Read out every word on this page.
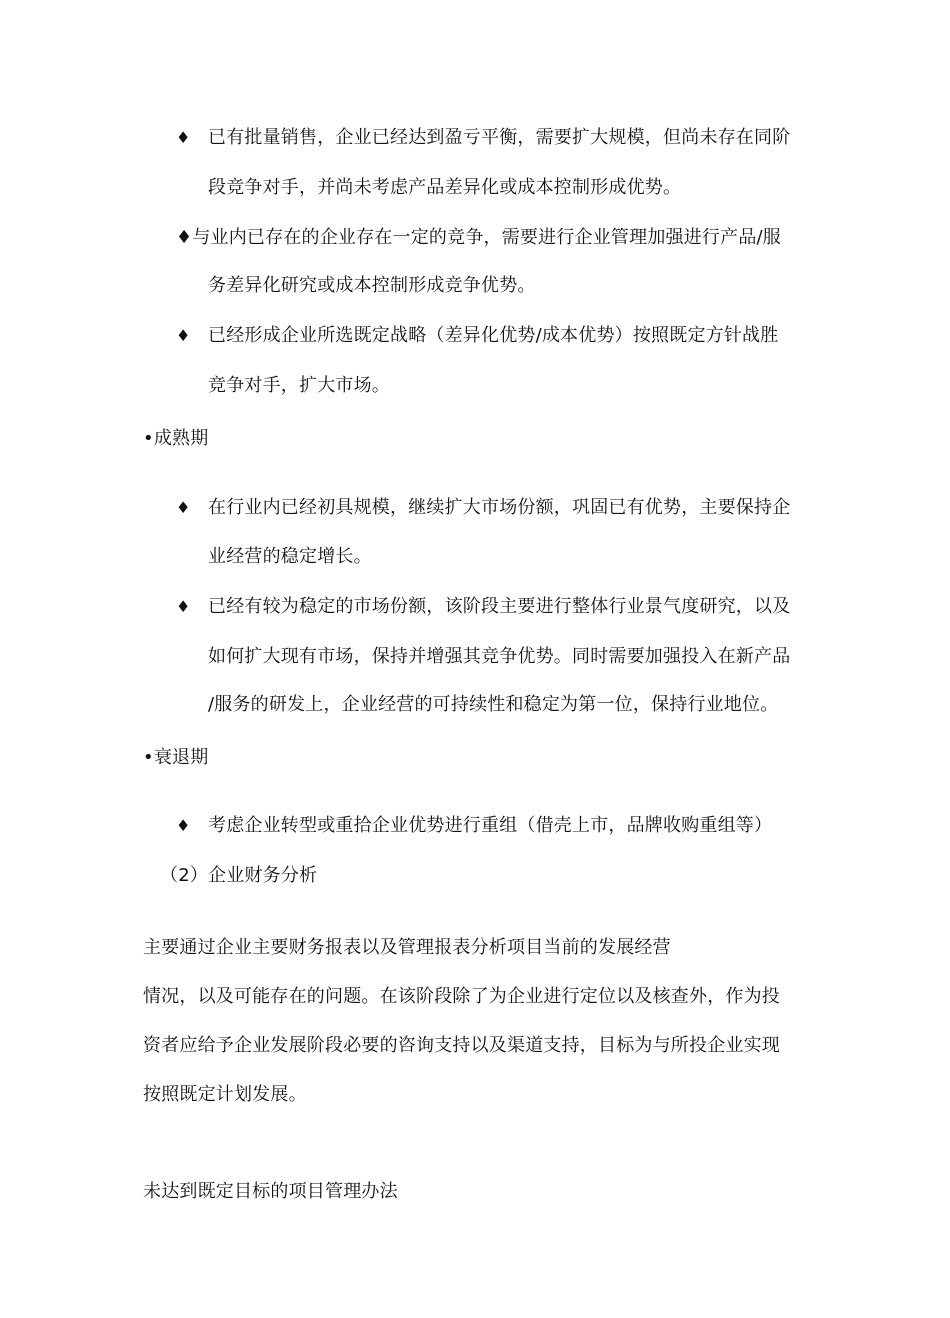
♦ 已有批量销售，企业已经达到盈亏平衡，需要扩大规模，但尚未存在同阶
段竞争对手，并尚未考虑产品差异化或成本控制形成优势。
♦与业内已存在的企业存在一定的竞争，需要进行企业管理加强进行产品/服
务差异化研究或成本控制形成竞争优势。
♦ 已经形成企业所选既定战略（差异化优势/成本优势）按照既定方针战胜
竞争对手，扩大市场。
•成熟期
♦ 在行业内已经初具规模，继续扩大市场份额，巩固已有优势，主要保持企
业经营的稳定增长。
♦ 已经有较为稳定的市场份额，该阶段主要进行整体行业景气度研究，以及
如何扩大现有市场，保持并增强其竞争优势。同时需要加强投入在新产品
/服务的研发上，企业经营的可持续性和稳定为第一位，保持行业地位。
•衰退期
♦ 考虑企业转型或重拾企业优势进行重组（借壳上市，品牌收购重组等）
（2）企业财务分析
主要通过企业主要财务报表以及管理报表分析项目当前的发展经营
情况，以及可能存在的问题。在该阶段除了为企业进行定位以及核查外，作为投
资者应给予企业发展阶段必要的咨询支持以及渠道支持，目标为与所投企业实现
按照既定计划发展。
未达到既定目标的项目管理办法
